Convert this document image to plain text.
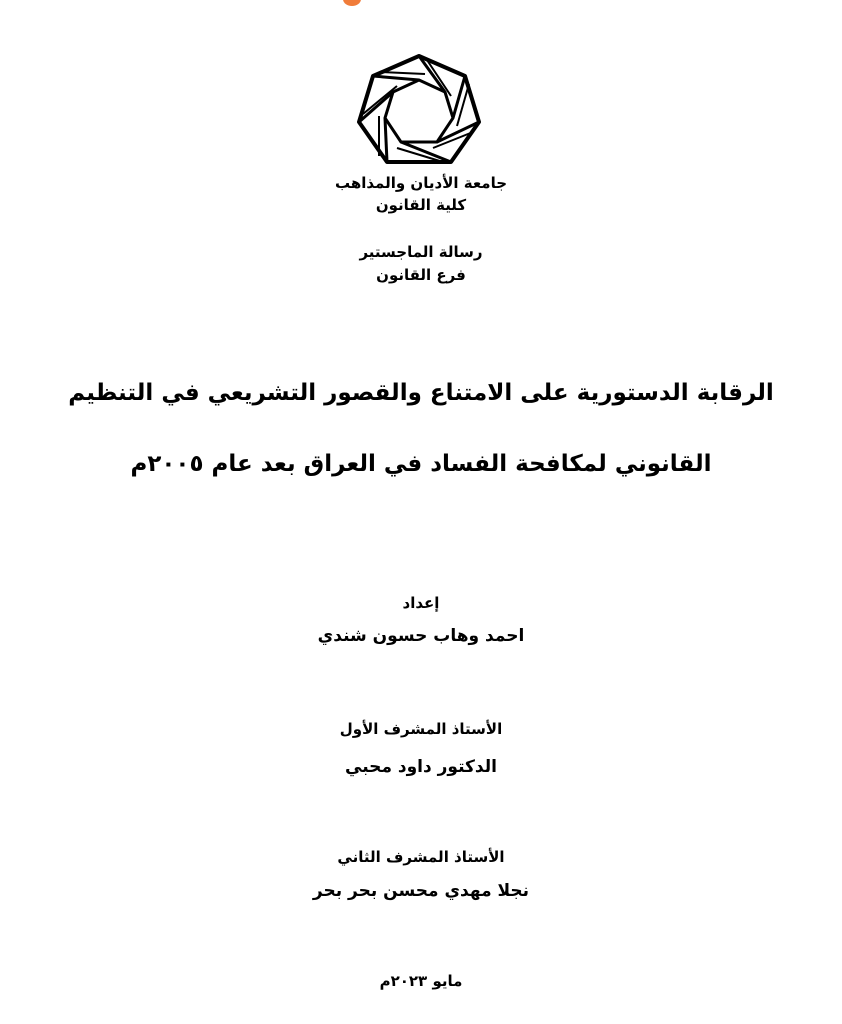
جامعة الأديان والمذاهب
كلية القانون
رسالة الماجستير
فرع القانون
الرقابة الدستورية على الامتناع والقصور التشريعي في التنظيم
القانوني لمكافحة الفساد في العراق بعد عام ٢٠٠٥م
إعداد
احمد وهاب حسون شندي
الأستاذ المشرف الأول
الدكتور داود محبي
الأستاذ المشرف الثاني
نجلا مهدي محسن بحر بحر
مايو ٢٠٢٣م
